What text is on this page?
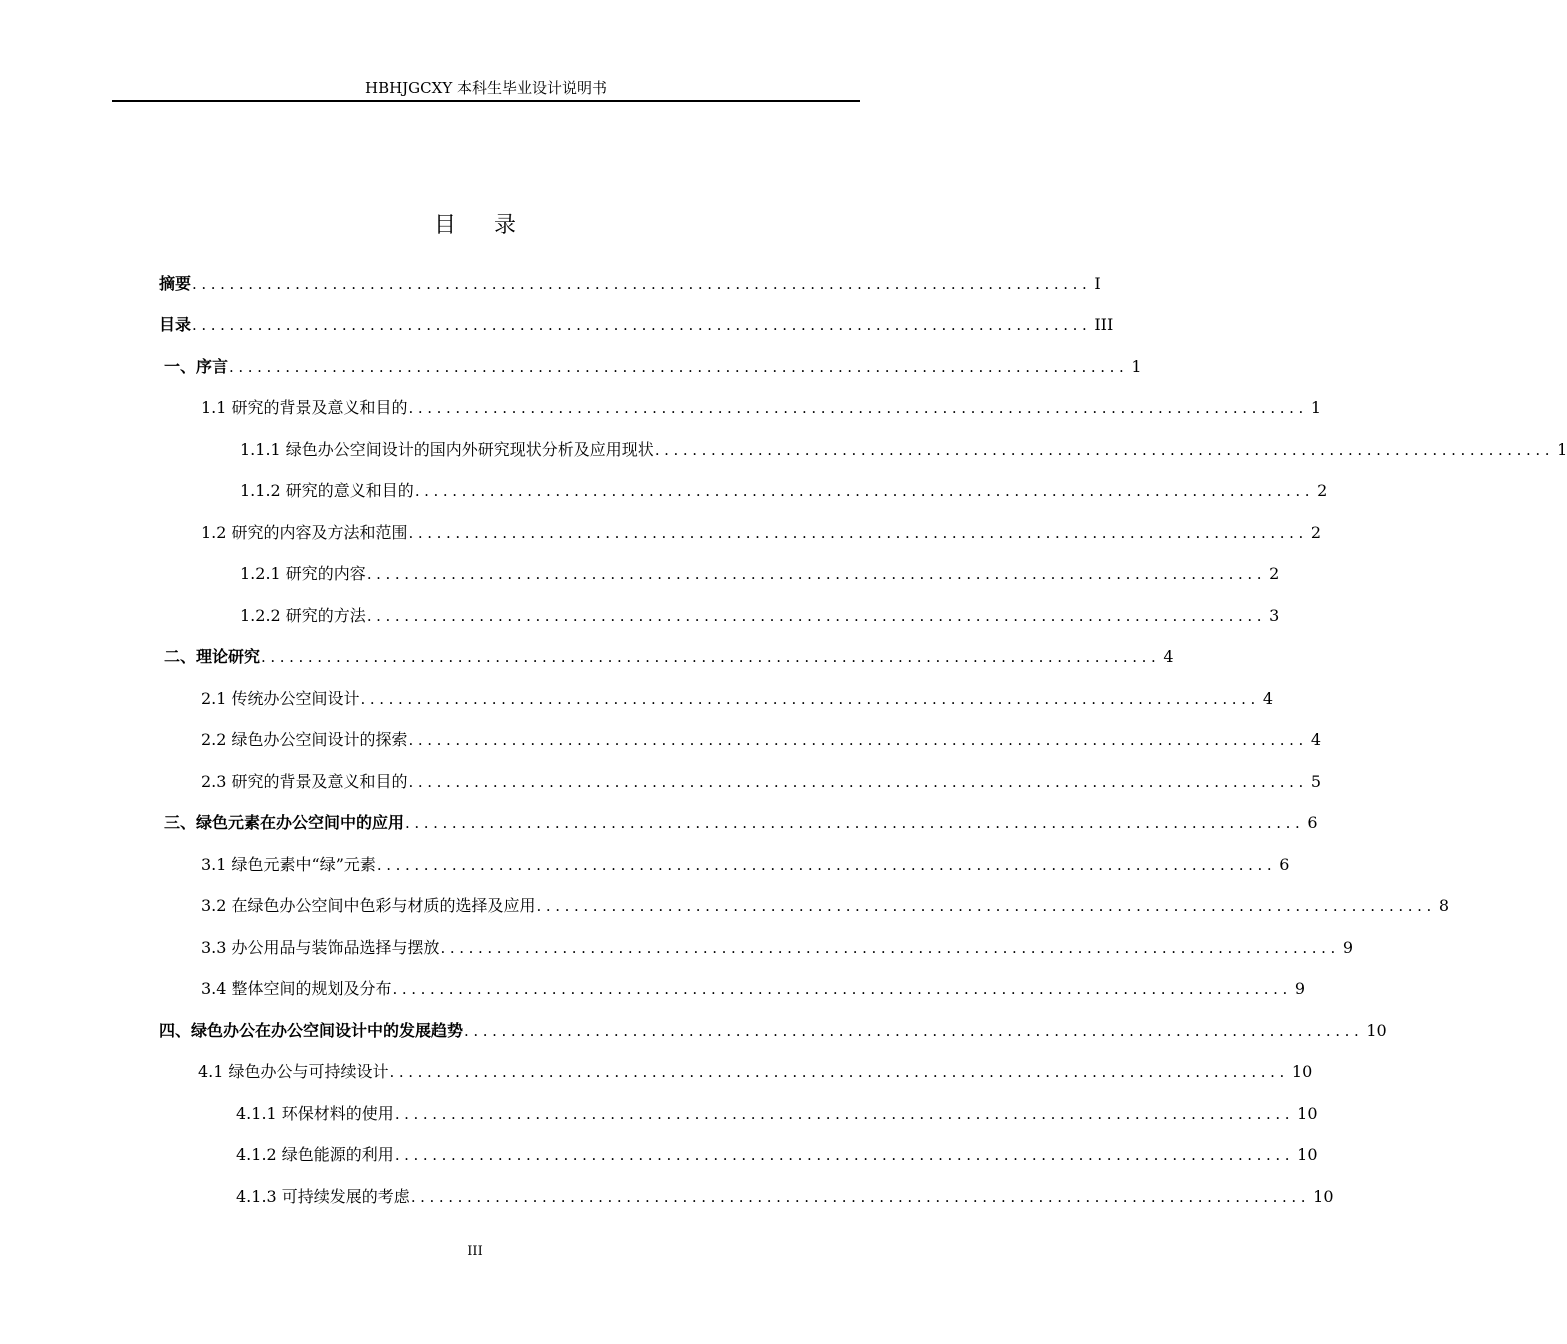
HBHJGCXY 本科生毕业设计说明书
目录
摘要 ................................................................................................ I
目录 ................................................................................................ III
一、序言 ................................................................................................ 1
1.1 研究的背景及意义和目的 ................................................................................................ 1
1.1.1 绿色办公空间设计的国内外研究现状分析及应用现状 ................................................................................................ 1
1.1.2 研究的意义和目的 ................................................................................................ 2
1.2 研究的内容及方法和范围 ................................................................................................ 2
1.2.1 研究的内容 ................................................................................................ 2
1.2.2 研究的方法 ................................................................................................ 3
二、理论研究 ................................................................................................ 4
2.1 传统办公空间设计 ................................................................................................ 4
2.2 绿色办公空间设计的探索 ................................................................................................ 4
2.3 研究的背景及意义和目的 ................................................................................................ 5
三、绿色元素在办公空间中的应用 ................................................................................................ 6
3.1 绿色元素中“绿”元素 ................................................................................................ 6
3.2 在绿色办公空间中色彩与材质的选择及应用 ................................................................................................ 8
3.3 办公用品与装饰品选择与摆放 ................................................................................................ 9
3.4 整体空间的规划及分布 ................................................................................................ 9
四、绿色办公在办公空间设计中的发展趋势 ................................................................................................ 10
4.1 绿色办公与可持续设计 ................................................................................................ 10
4.1.1 环保材料的使用 ................................................................................................ 10
4.1.2 绿色能源的利用 ................................................................................................ 10
4.1.3 可持续发展的考虑 ................................................................................................ 10
III
